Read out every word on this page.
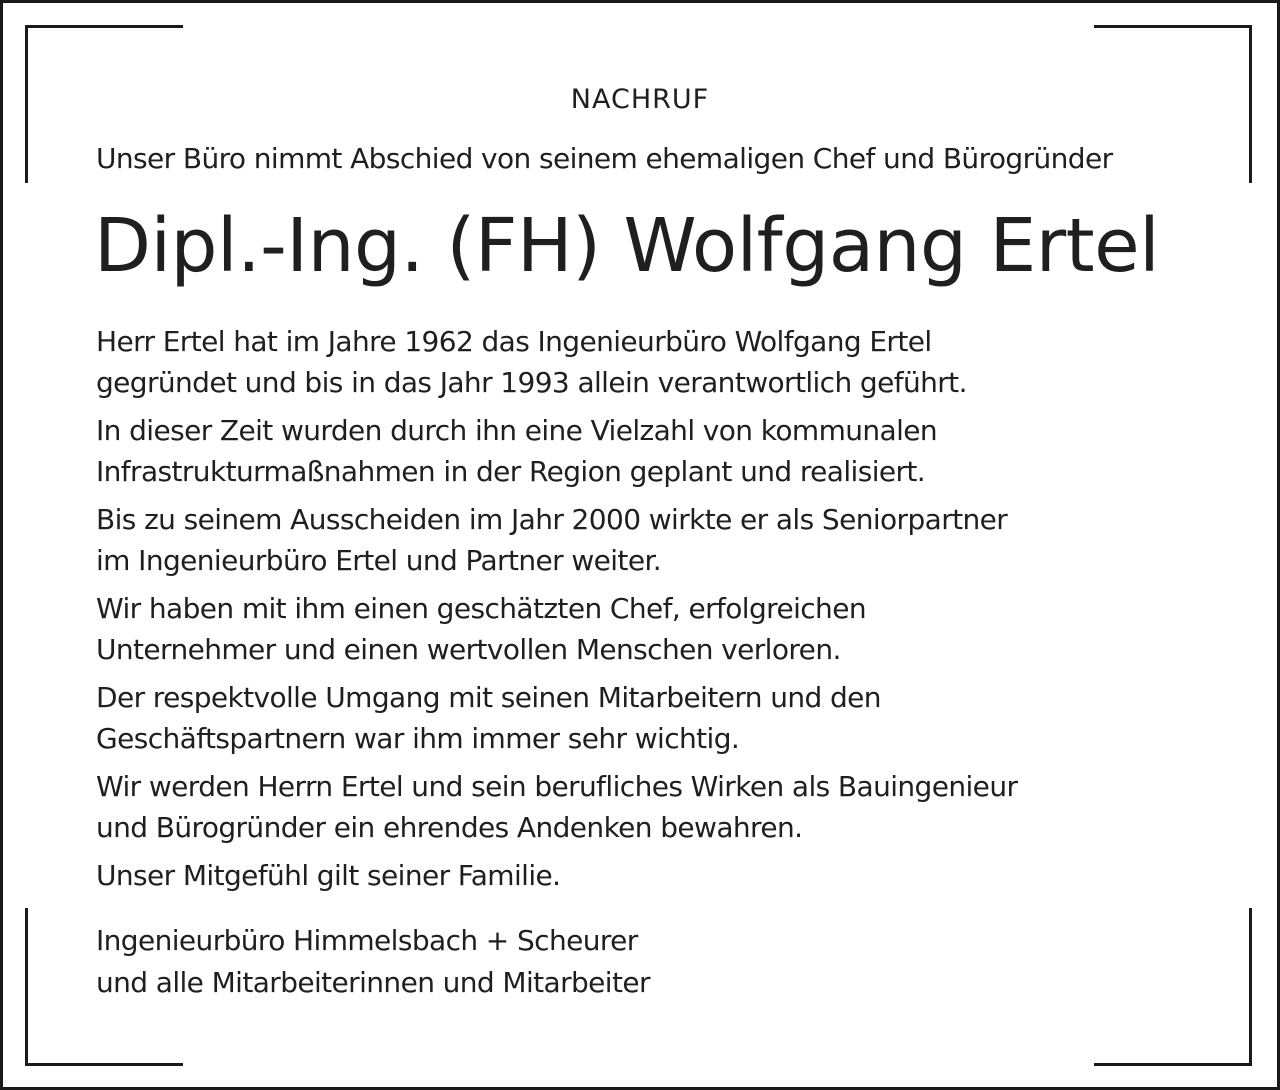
NACHRUF
Unser Büro nimmt Abschied von seinem ehemaligen Chef und Bürogründer
Dipl.-Ing. (FH) Wolfgang Ertel

Herr Ertel hat im Jahre 1962 das Ingenieurbüro Wolfgang Ertel
gegründet und bis in das Jahr 1993 allein verantwortlich geführt.

In dieser Zeit wurden durch ihn eine Vielzahl von kommunalen
Infrastrukturmaßnahmen in der Region geplant und realisiert.

Bis zu seinem Ausscheiden im Jahr 2000 wirkte er als Seniorpartner
im Ingenieurbüro Ertel und Partner weiter.

Wir haben mit ihm einen geschätzten Chef, erfolgreichen
Unternehmer und einen wertvollen Menschen verloren.

Der respektvolle Umgang mit seinen Mitarbeitern und den
Geschäftspartnern war ihm immer sehr wichtig.

Wir werden Herrn Ertel und sein berufliches Wirken als Bauingenieur
und Bürogründer ein ehrendes Andenken bewahren.

Unser Mitgefühl gilt seiner Familie.

Ingenieurbüro Himmelsbach + Scheurer
und alle Mitarbeiterinnen und Mitarbeiter
